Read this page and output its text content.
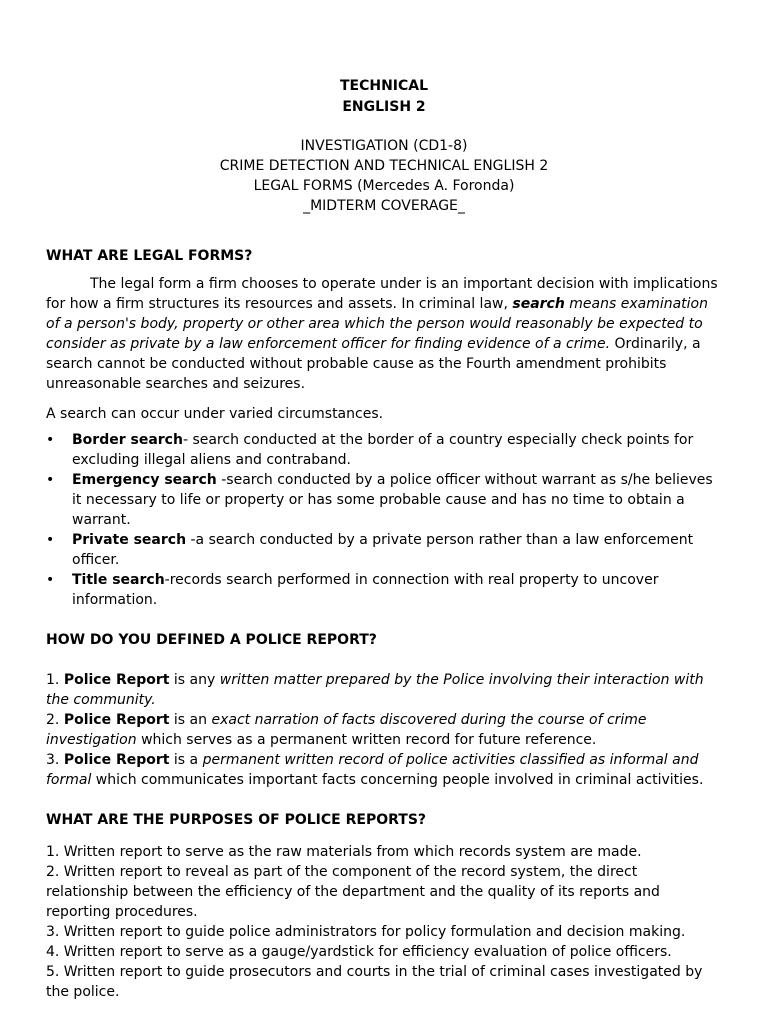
TECHNICAL
ENGLISH 2
INVESTIGATION (CD1-8)
CRIME DETECTION AND TECHNICAL ENGLISH 2
LEGAL FORMS (Mercedes A. Foronda)
_MIDTERM COVERAGE_
WHAT ARE LEGAL FORMS?

The legal form a firm chooses to operate under is an important decision with implications for how a firm structures its resources and assets. In criminal law, search means examination of a person's body, property or other area which the person would reasonably be expected to consider as private by a law enforcement officer for finding evidence of a crime. Ordinarily, a search cannot be conducted without probable cause as the Fourth amendment prohibits unreasonable searches and seizures.

A search can occur under varied circumstances.

•	Border search- search conducted at the border of a country especially check points for excluding illegal aliens and contraband.
•	Emergency search -search conducted by a police officer without warrant as s/he believes it necessary to life or property or has some probable cause and has no time to obtain a warrant.
•	Private search -a search conducted by a private person rather than a law enforcement officer.
•	Title search-records search performed in connection with real property to uncover information.
HOW DO YOU DEFINED A POLICE REPORT?

1. Police Report is any written matter prepared by the Police involving their interaction with the community.

2. Police Report is an exact narration of facts discovered during the course of crime investigation which serves as a permanent written record for future reference.

3. Police Report is a permanent written record of police activities classified as informal and formal which communicates important facts concerning people involved in criminal activities.

WHAT ARE THE PURPOSES OF POLICE REPORTS?

1. Written report to serve as the raw materials from which records system are made.

2. Written report to reveal as part of the component of the record system, the direct relationship between the efficiency of the department and the quality of its reports and reporting procedures.

3. Written report to guide police administrators for policy formulation and decision making.

4. Written report to serve as a gauge/yardstick for efficiency evaluation of police officers.

5. Written report to guide prosecutors and courts in the trial of criminal cases investigated by the police.
